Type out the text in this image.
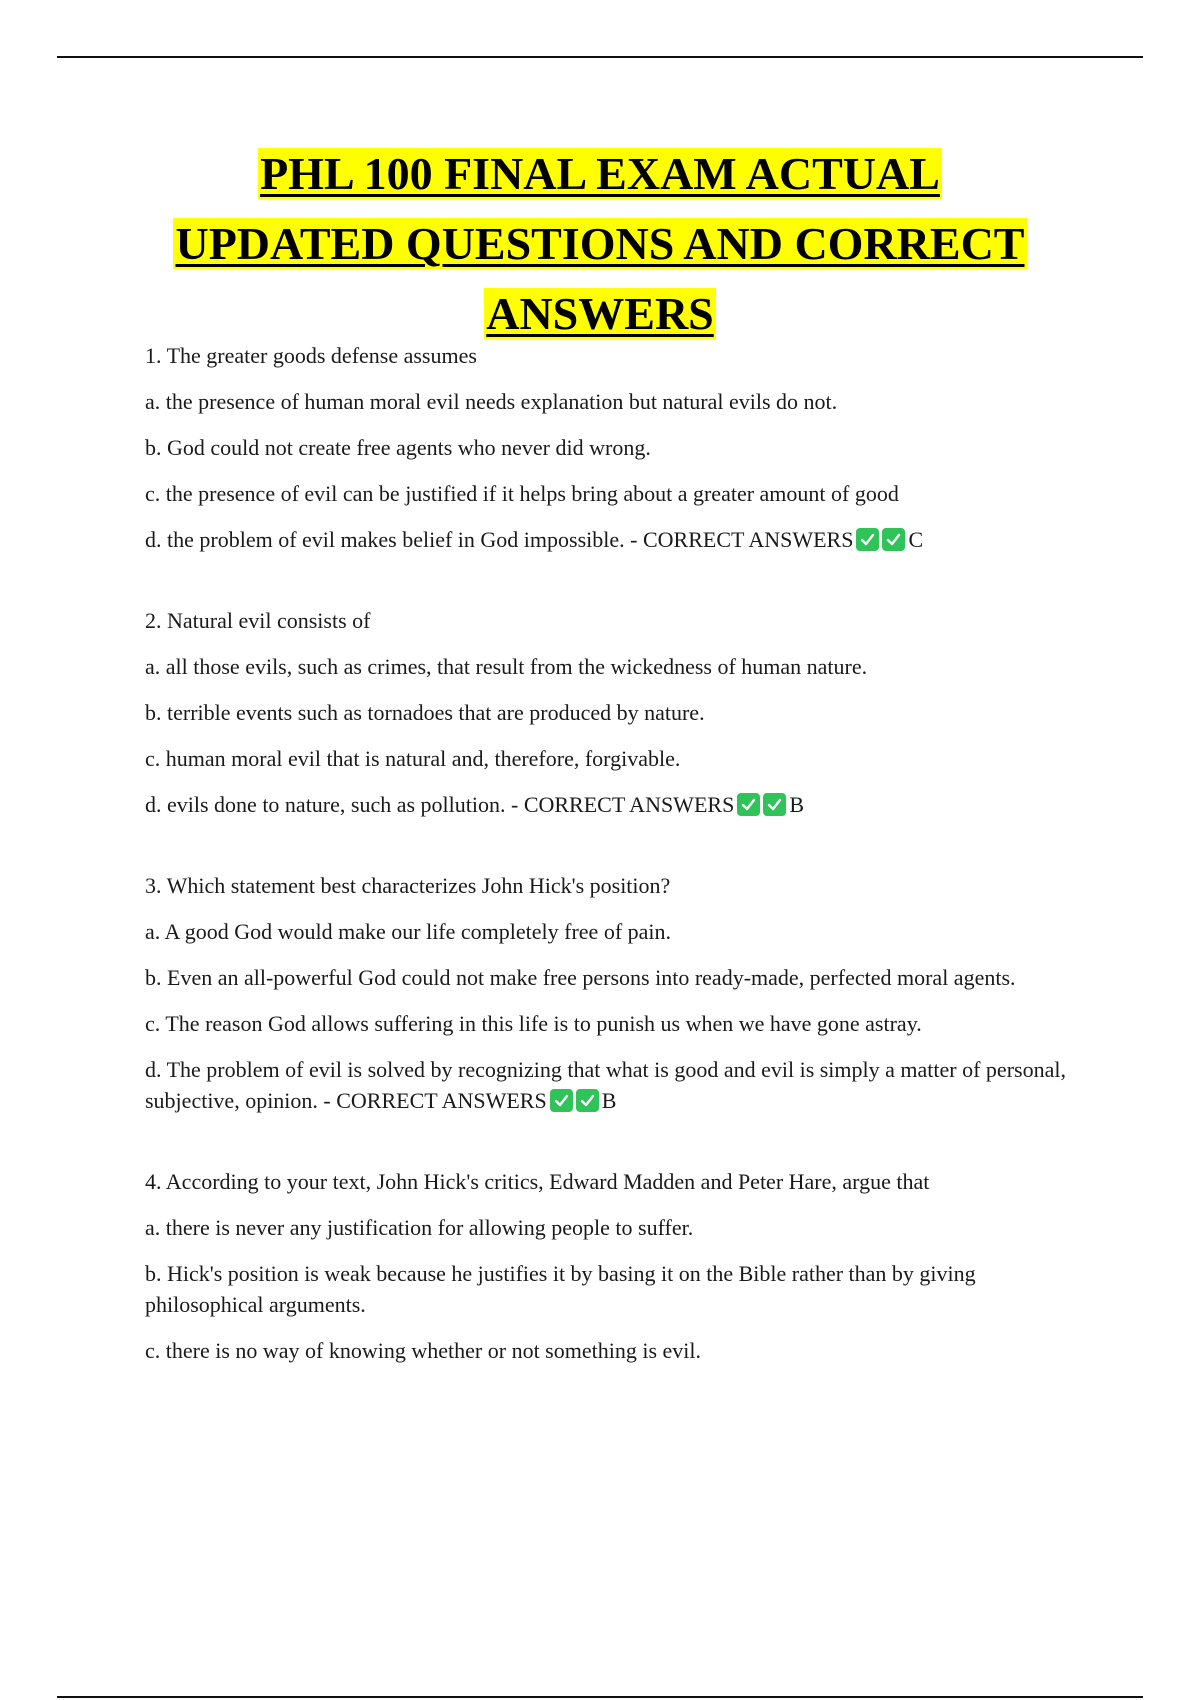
PHL 100 FINAL EXAM ACTUAL
UPDATED QUESTIONS AND CORRECT
ANSWERS

1. The greater goods defense assumes

a. the presence of human moral evil needs explanation but natural evils do not.

b. God could not create free agents who never did wrong.

c. the presence of evil can be justified if it helps bring about a greater amount of good

d. the problem of evil makes belief in God impossible. - CORRECT ANSWERS	C

2. Natural evil consists of

a. all those evils, such as crimes, that result from the wickedness of human nature.

b. terrible events such as tornadoes that are produced by nature.

c. human moral evil that is natural and, therefore, forgivable.

d. evils done to nature, such as pollution. - CORRECT ANSWERS	B

3. Which statement best characterizes John Hick's position?

a. A good God would make our life completely free of pain.

b. Even an all-powerful God could not make free persons into ready-made, perfected moral agents.

c. The reason God allows suffering in this life is to punish us when we have gone astray.

d. The problem of evil is solved by recognizing that what is good and evil is simply a matter of personal, subjective, opinion. - CORRECT ANSWERS	B

4. According to your text, John Hick's critics, Edward Madden and Peter Hare, argue that

a. there is never any justification for allowing people to suffer.

b. Hick's position is weak because he justifies it by basing it on the Bible rather than by giving philosophical arguments.

c. there is no way of knowing whether or not something is evil.
